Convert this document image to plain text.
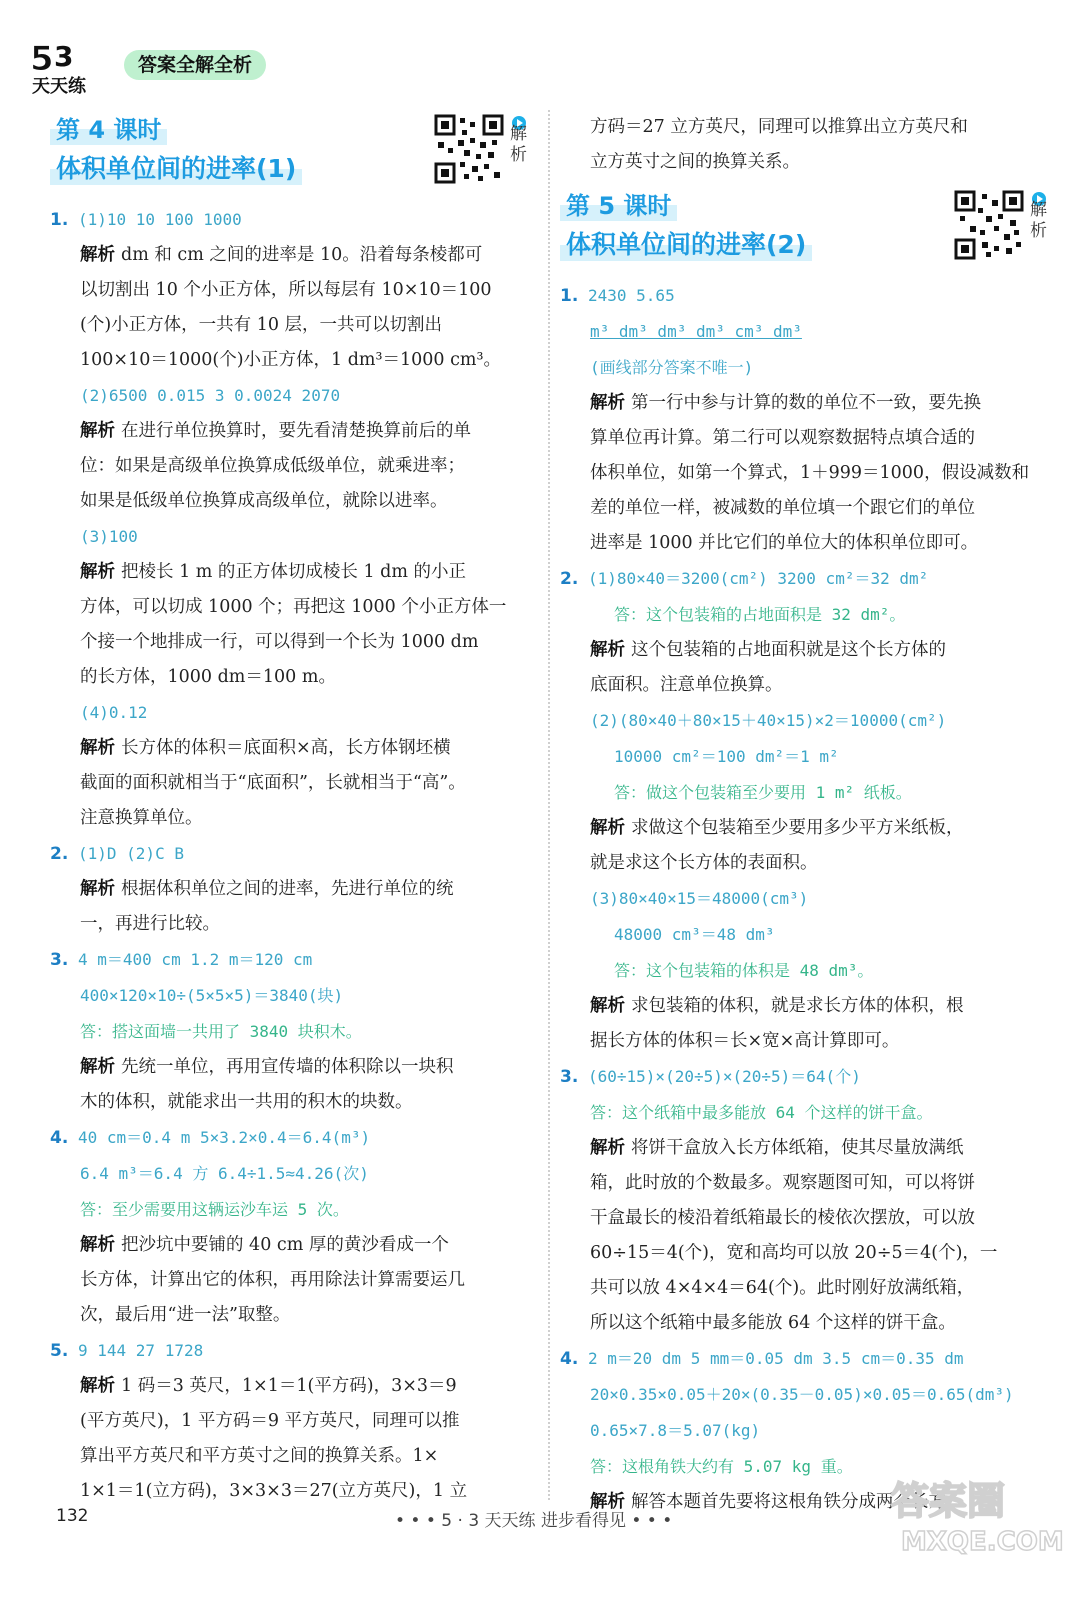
5 3
天天练
答案全解全析
第 4 课时
体积单位间的进率(1)
解析
1. (1)10 10 100 1000
解析 dm 和 cm 之间的进率是 10。沿着每条棱都可
以切割出 10 个小正方体，所以每层有 10×10＝100
(个)小正方体，一共有 10 层，一共可以切割出
100×10＝1000(个)小正方体，1 dm³＝1000 cm³。
(2)6500 0.015 3 0.0024 2070
解析 在进行单位换算时，要先看清楚换算前后的单
位：如果是高级单位换算成低级单位，就乘进率；
如果是低级单位换算成高级单位，就除以进率。
(3)100
解析 把棱长 1 m 的正方体切成棱长 1 dm 的小正
方体，可以切成 1000 个；再把这 1000 个小正方体一
个接一个地排成一行，可以得到一个长为 1000 dm
的长方体，1000 dm＝100 m。
(4)0.12
解析 长方体的体积＝底面积×高，长方体钢坯横
截面的面积就相当于“底面积”，长就相当于“高”。
注意换算单位。
2. (1)D (2)C B
解析 根据体积单位之间的进率，先进行单位的统
一，再进行比较。
3. 4 m＝400 cm 1.2 m＝120 cm
400×120×10÷(5×5×5)＝3840(块)
答：搭这面墙一共用了 3840 块积木。
解析 先统一单位，再用宣传墙的体积除以一块积
木的体积，就能求出一共用的积木的块数。
4. 40 cm＝0.4 m 5×3.2×0.4＝6.4(m³)
6.4 m³＝6.4 方 6.4÷1.5≈4.26(次)
答：至少需要用这辆运沙车运 5 次。
解析 把沙坑中要铺的 40 cm 厚的黄沙看成一个
长方体，计算出它的体积，再用除法计算需要运几
次，最后用“进一法”取整。
5. 9 144 27 1728
解析 1 码＝3 英尺，1×1＝1(平方码)，3×3＝9
(平方英尺)，1 平方码＝9 平方英尺，同理可以推
算出平方英尺和平方英寸之间的换算关系。1×
1×1＝1(立方码)，3×3×3＝27(立方英尺)，1 立
方码＝27 立方英尺，同理可以推算出立方英尺和
立方英寸之间的换算关系。
第 5 课时
体积单位间的进率(2)
解析
1. 2430 5.65
m³ dm³ dm³ dm³ cm³ dm³
(画线部分答案不唯一)
解析 第一行中参与计算的数的单位不一致，要先换
算单位再计算。第二行可以观察数据特点填合适的
体积单位，如第一个算式，1＋999＝1000，假设减数和
差的单位一样，被减数的单位填一个跟它们的单位
进率是 1000 并比它们的单位大的体积单位即可。
2. (1)80×40＝3200(cm²) 3200 cm²＝32 dm²
答：这个包装箱的占地面积是 32 dm²。
解析 这个包装箱的占地面积就是这个长方体的
底面积。注意单位换算。
(2)(80×40＋80×15＋40×15)×2＝10000(cm²)
10000 cm²＝100 dm²＝1 m²
答：做这个包装箱至少要用 1 m² 纸板。
解析 求做这个包装箱至少要用多少平方米纸板，
就是求这个长方体的表面积。
(3)80×40×15＝48000(cm³)
48000 cm³＝48 dm³
答：这个包装箱的体积是 48 dm³。
解析 求包装箱的体积，就是求长方体的体积，根
据长方体的体积＝长×宽×高计算即可。
3. (60÷15)×(20÷5)×(20÷5)＝64(个)
答：这个纸箱中最多能放 64 个这样的饼干盒。
解析 将饼干盒放入长方体纸箱，使其尽量放满纸
箱，此时放的个数最多。观察题图可知，可以将饼
干盒最长的棱沿着纸箱最长的棱依次摆放，可以放
60÷15＝4(个)，宽和高均可以放 20÷5＝4(个)，一
共可以放 4×4×4＝64(个)。此时刚好放满纸箱，
所以这个纸箱中最多能放 64 个这样的饼干盒。
4. 2 m＝20 dm 5 mm＝0.05 dm 3.5 cm＝0.35 dm
20×0.35×0.05＋20×(0.35－0.05)×0.05＝0.65(dm³)
0.65×7.8＝5.07(kg)
答：这根角铁大约有 5.07 kg 重。
解析 解答本题首先要将这根角铁分成两个长方
132	• • • 5 · 3 天天练 进步看得见 • • •	答案圈
MXQE.COM
